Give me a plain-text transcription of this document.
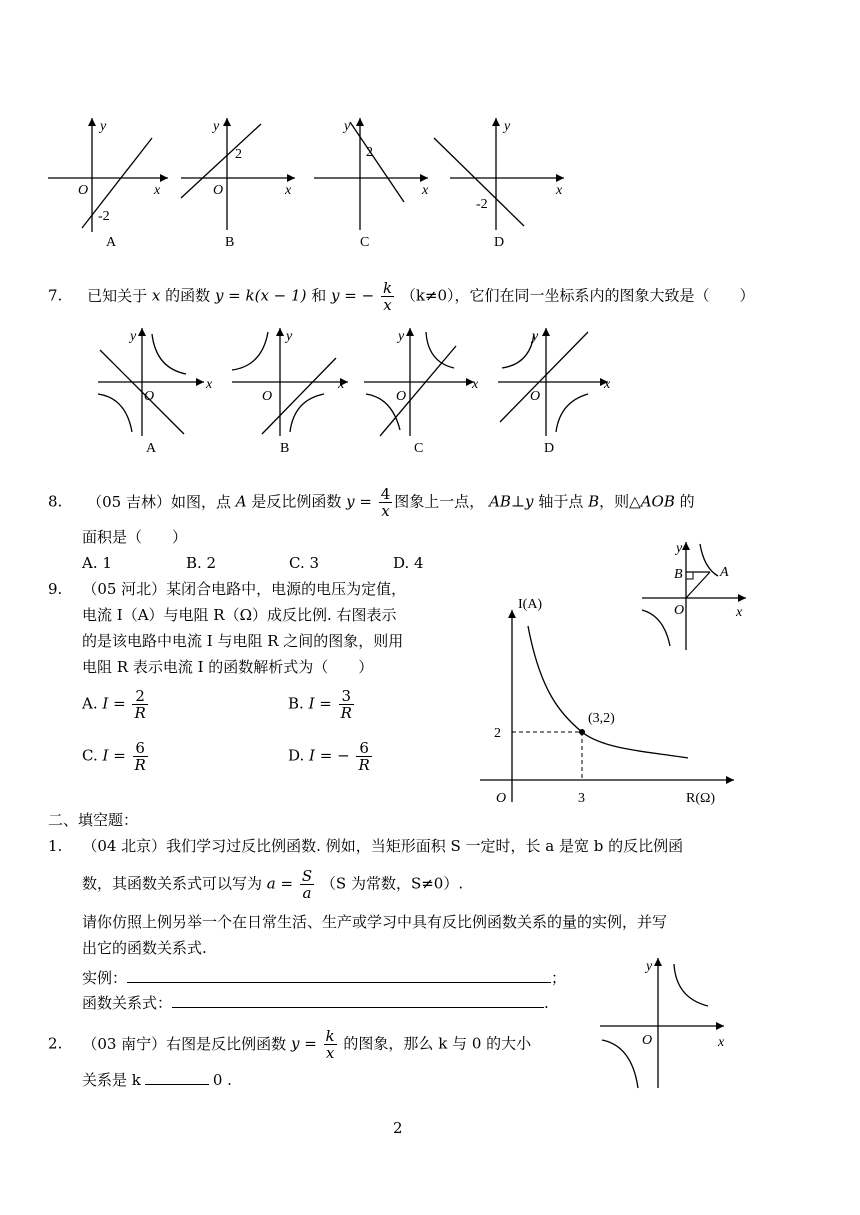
y
x
O
-2
A
y
x
O
2
B
y
x
2
C
y
x
-2
D
7. 已知关于 x 的函数 y = k(x − 1) 和 y = − $\frac{k}{x} (k\ne 0)$，它们在同一坐标系内的图象大致是（　　）
y
x
O
A
y
x
O
B
y
x
O
C
y
x
O
D
8. （05 吉林）如图，点 A 是反比例函数 $y = \frac{4}{x}$ 图象上一点， AB⊥y 轴于点 B，则△AOB 的
面积是（　　）
A. 1	B. 2	C. 3	D. 4
y
B	A
O	x
9. （05 河北）某闭合电路中，电源的电压为定值，
电流 I（A）与电阻 R（Ω）成反比例. 右图表示
的是该电路中电流 I 与电阻 R 之间的图象，则用
电阻 R 表示电流 I 的函数解析式为（　　）
A. $I = \frac{2}{R}$	B. $I = \frac{3}{R}$
C. $I = \frac{6}{R}$	D. I = − $\frac{6}{R}$
I(A)
(3,2)
2
3
O	R(Ω)
二、填空题：
1. （04 北京）我们学习过反比例函数. 例如，当矩形面积 S 一定时，长 a 是宽 b 的反比例函
数，其函数关系式可以写为 $a = \frac{S}{a} (S$ 为常数，S≠0）.
请你仿照上例另举一个在日常生活、生产或学习中具有反比例函数关系的量的实例，并写
出它的函数关系式.
实例：	；
函数关系式：	.
y
O	x
2. （03 南宁）右图是反比例函数 $y = \frac{k}{x}$ 的图象，那么 k 与 0 的大小
关系是 k	0 .
2
